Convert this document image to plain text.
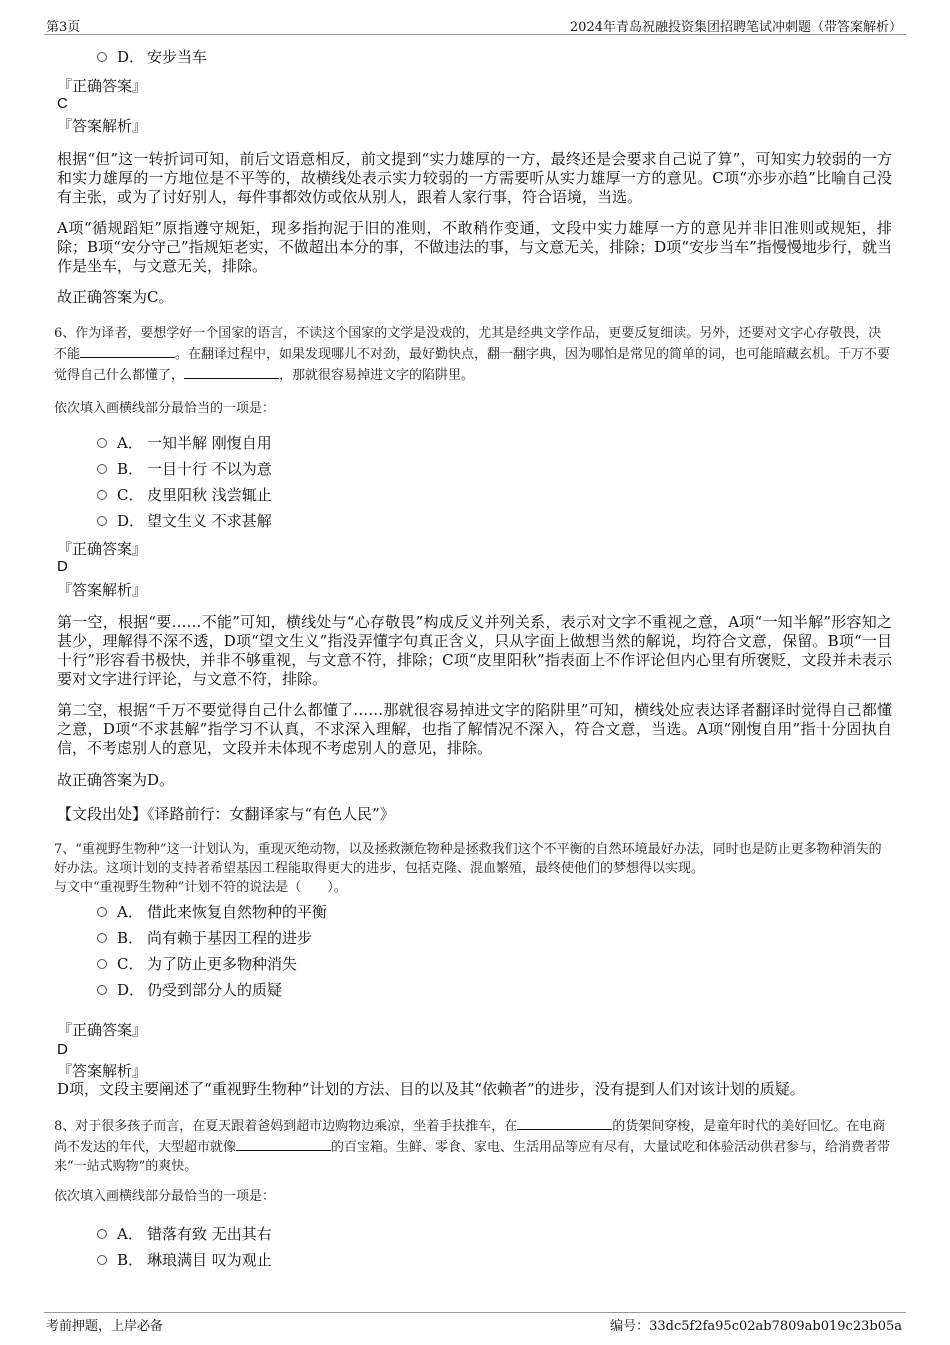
第3页	2024年青岛祝融投资集团招聘笔试冲刺题（带答案解析）
D． 安步当车
『正确答案』
C
『答案解析』
根据“但”这一转折词可知，前后文语意相反，前文提到“实力雄厚的一方，最终还是会要求自己说了算”，可知实力较弱的一方和实力雄厚的一方地位是不平等的，故横线处表示实力较弱的一方需要听从实力雄厚一方的意见。C项“亦步亦趋”比喻自己没有主张，或为了讨好别人，每件事都效仿或依从别人，跟着人家行事，符合语境，当选。
A项“循规蹈矩”原指遵守规矩，现多指拘泥于旧的准则，不敢稍作变通，文段中实力雄厚一方的意见并非旧准则或规矩，排除；B项“安分守己”指规矩老实，不做超出本分的事，不做违法的事，与文意无关，排除；D项“安步当车”指慢慢地步行，就当作是坐车，与文意无关，排除。
故正确答案为C。
6、作为译者，要想学好一个国家的语言，不读这个国家的文学是没戏的，尤其是经典文学作品，更要反复细读。另外，还要对文字心存敬畏，决不能	。在翻译过程中，如果发现哪儿不对劲，最好勤快点，翻一翻字典，因为哪怕是常见的简单的词，也可能暗藏玄机。千万不要觉得自己什么都懂了，	，那就很容易掉进文字的陷阱里。
依次填入画横线部分最恰当的一项是：
A． 一知半解 刚愎自用
B． 一目十行 不以为意
C． 皮里阳秋 浅尝辄止
D． 望文生义 不求甚解
『正确答案』
D
『答案解析』
第一空，根据“要……不能”可知，横线处与“心存敬畏”构成反义并列关系，表示对文字不重视之意，A项“一知半解”形容知之甚少，理解得不深不透，D项“望文生义”指没弄懂字句真正含义，只从字面上做想当然的解说，均符合文意，保留。B项“一目十行”形容看书极快，并非不够重视，与文意不符，排除；C项“皮里阳秋”指表面上不作评论但内心里有所褒贬，文段并未表示要对文字进行评论，与文意不符，排除。
第二空，根据“千万不要觉得自己什么都懂了……那就很容易掉进文字的陷阱里”可知，横线处应表达译者翻译时觉得自己都懂之意，D项“不求甚解”指学习不认真，不求深入理解，也指了解情况不深入，符合文意，当选。A项“刚愎自用”指十分固执自信，不考虑别人的意见，文段并未体现不考虑别人的意见，排除。
故正确答案为D。
【文段出处】《译路前行：女翻译家与“有色人民”》
7、“重视野生物种”这一计划认为，重现灭绝动物，以及拯救濒危物种是拯救我们这个不平衡的自然环境最好办法，同时也是防止更多物种消失的好办法。这项计划的支持者希望基因工程能取得更大的进步，包括克隆、混血繁殖，最终使他们的梦想得以实现。
与文中“重视野生物种”计划不符的说法是（　　）。
A． 借此来恢复自然物种的平衡
B． 尚有赖于基因工程的进步
C． 为了防止更多物种消失
D． 仍受到部分人的质疑
『正确答案』
D
『答案解析』
D项，文段主要阐述了“重视野生物种”计划的方法、目的以及其“依赖者”的进步，没有提到人们对该计划的质疑。
8、对于很多孩子而言，在夏天跟着爸妈到超市边购物边乘凉，坐着手扶推车，在	的货架间穿梭，是童年时代的美好回忆。在电商尚不发达的年代，大型超市就像	的百宝箱。生鲜、零食、家电、生活用品等应有尽有，大量试吃和体验活动供君参与，给消费者带来“一站式购物”的爽快。
依次填入画横线部分最恰当的一项是：
A． 错落有致 无出其右
B． 琳琅满目 叹为观止
考前押题，上岸必备	编号：33dc5f2fa95c02ab7809ab019c23b05a
